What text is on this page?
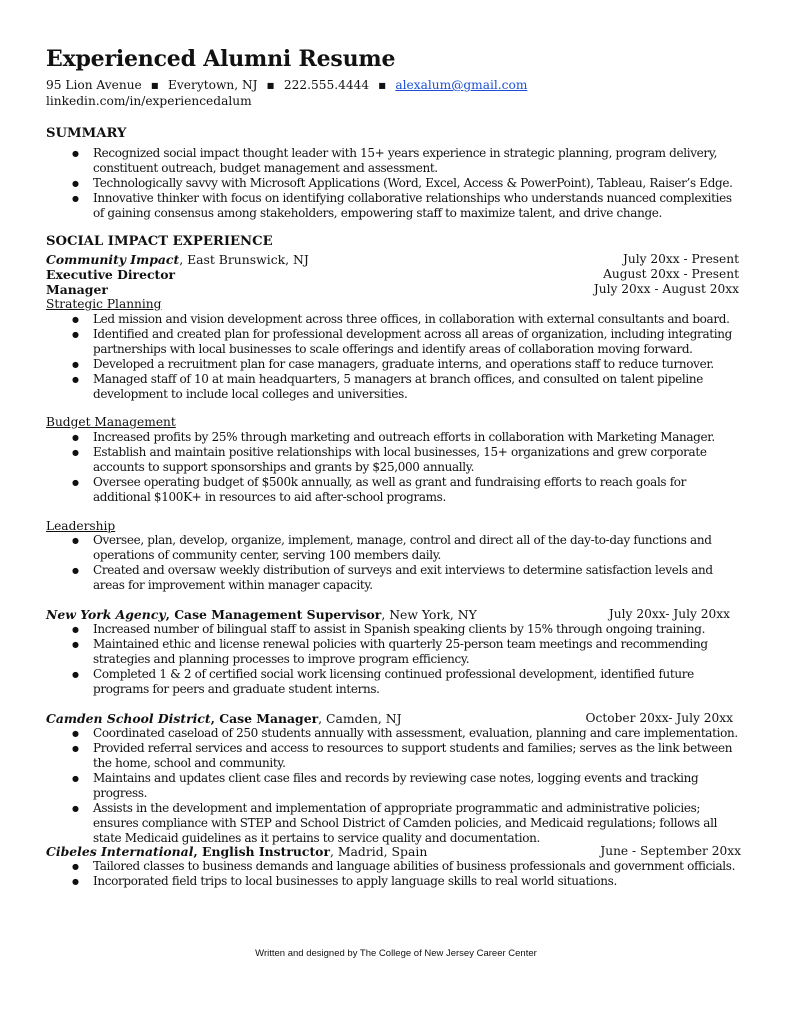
Experienced Alumni Resume
95 Lion Avenue ▪ Everytown, NJ ▪ 222.555.4444 ▪ alexalum@gmail.com
linkedin.com/in/experiencedalum
SUMMARY
● Recognized social impact thought leader with 15+ years experience in strategic planning, program delivery, constituent outreach, budget management and assessment.
● Technologically savvy with Microsoft Applications (Word, Excel, Access & PowerPoint), Tableau, Raiser’s Edge.
● Innovative thinker with focus on identifying collaborative relationships who understands nuanced complexities of gaining consensus among stakeholders, empowering staff to maximize talent, and drive change.
SOCIAL IMPACT EXPERIENCE
Community Impact, East Brunswick, NJ	July 20xx - Present
Executive Director	August 20xx - Present
Manager	July 20xx - August 20xx
Strategic Planning
● Led mission and vision development across three offices, in collaboration with external consultants and board.
● Identified and created plan for professional development across all areas of organization, including integrating partnerships with local businesses to scale offerings and identify areas of collaboration moving forward.
● Developed a recruitment plan for case managers, graduate interns, and operations staff to reduce turnover.
● Managed staff of 10 at main headquarters, 5 managers at branch offices, and consulted on talent pipeline development to include local colleges and universities.
Budget Management
● Increased profits by 25% through marketing and outreach efforts in collaboration with Marketing Manager.
● Establish and maintain positive relationships with local businesses, 15+ organizations and grew corporate accounts to support sponsorships and grants by $25,000 annually.
● Oversee operating budget of $500k annually, as well as grant and fundraising efforts to reach goals for additional $100K+ in resources to aid after-school programs.
Leadership
● Oversee, plan, develop, organize, implement, manage, control and direct all of the day-to-day functions and operations of community center, serving 100 members daily.
● Created and oversaw weekly distribution of surveys and exit interviews to determine satisfaction levels and areas for improvement within manager capacity.
New York Agency, Case Management Supervisor, New York, NY	July 20xx- July 20xx
● Increased number of bilingual staff to assist in Spanish speaking clients by 15% through ongoing training.
● Maintained ethic and license renewal policies with quarterly 25-person team meetings and recommending strategies and planning processes to improve program efficiency.
● Completed 1 & 2 of certified social work licensing continued professional development, identified future programs for peers and graduate student interns.
Camden School District, Case Manager, Camden, NJ	October 20xx- July 20xx
● Coordinated caseload of 250 students annually with assessment, evaluation, planning and care implementation.
● Provided referral services and access to resources to support students and families; serves as the link between the home, school and community.
● Maintains and updates client case files and records by reviewing case notes, logging events and tracking progress.
● Assists in the development and implementation of appropriate programmatic and administrative policies; ensures compliance with STEP and School District of Camden policies, and Medicaid regulations; follows all state Medicaid guidelines as it pertains to service quality and documentation.
Cibeles International, English Instructor, Madrid, Spain	June - September 20xx
● Tailored classes to business demands and language abilities of business professionals and government officials.
● Incorporated field trips to local businesses to apply language skills to real world situations.
Written and designed by The College of New Jersey Career Center
